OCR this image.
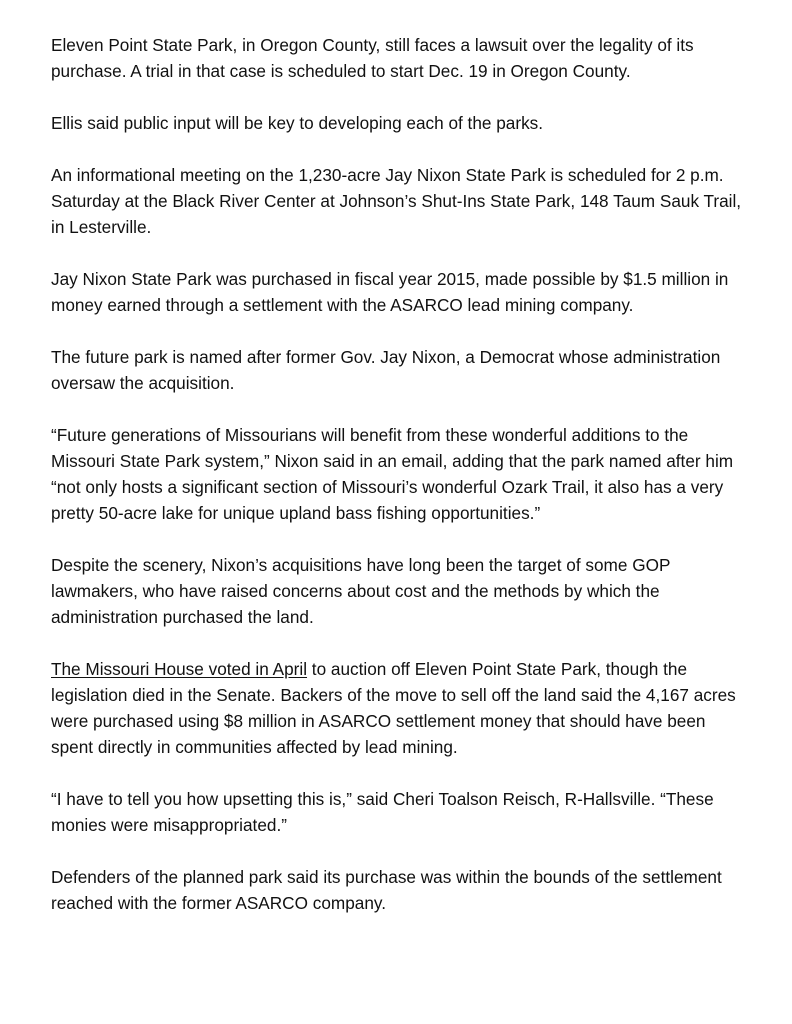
Eleven Point State Park, in Oregon County, still faces a lawsuit over the legality of its purchase. A trial in that case is scheduled to start Dec. 19 in Oregon County.

Ellis said public input will be key to developing each of the parks.

An informational meeting on the 1,230-acre Jay Nixon State Park is scheduled for 2 p.m. Saturday at the Black River Center at Johnson’s Shut-Ins State Park, 148 Taum Sauk Trail, in Lesterville.

Jay Nixon State Park was purchased in fiscal year 2015, made possible by $1.5 million in money earned through a settlement with the ASARCO lead mining company.

The future park is named after former Gov. Jay Nixon, a Democrat whose administration oversaw the acquisition.

“Future generations of Missourians will benefit from these wonderful additions to the Missouri State Park system,” Nixon said in an email, adding that the park named after him “not only hosts a significant section of Missouri’s wonderful Ozark Trail, it also has a very pretty 50-acre lake for unique upland bass fishing opportunities.”

Despite the scenery, Nixon’s acquisitions have long been the target of some GOP lawmakers, who have raised concerns about cost and the methods by which the administration purchased the land.

The Missouri House voted in April to auction off Eleven Point State Park, though the legislation died in the Senate. Backers of the move to sell off the land said the 4,167 acres were purchased using $8 million in ASARCO settlement money that should have been spent directly in communities affected by lead mining.

“I have to tell you how upsetting this is,” said Cheri Toalson Reisch, R-Hallsville. “These monies were misappropriated.”

Defenders of the planned park said its purchase was within the bounds of the settlement reached with the former ASARCO company.
